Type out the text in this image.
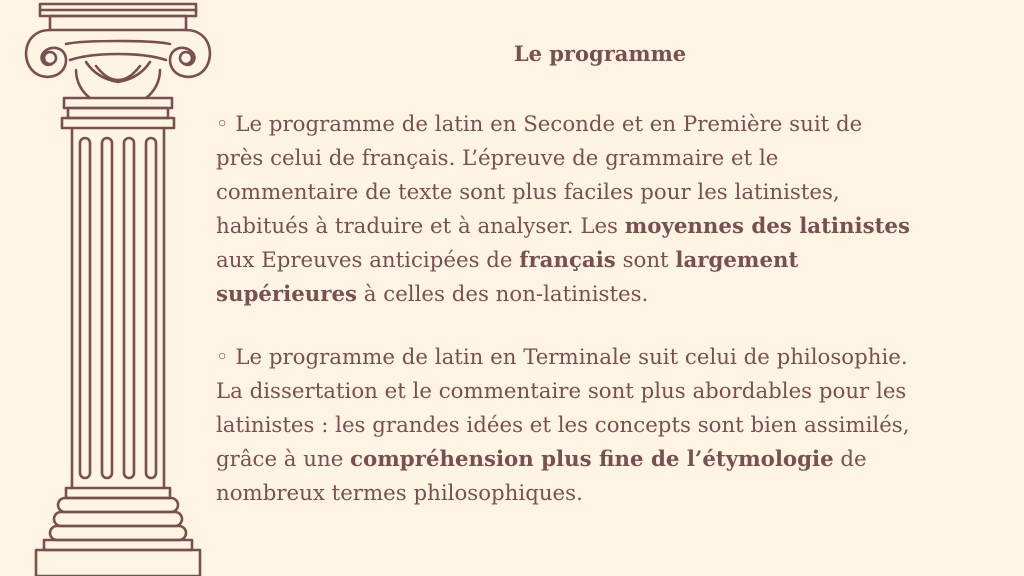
Le programme
◦ Le programme de latin en Seconde et en Première suit de
près celui de français. L’épreuve de grammaire et le
commentaire de texte sont plus faciles pour les latinistes,
habitués à traduire et à analyser. Les moyennes des latinistes
aux Epreuves anticipées de français sont largement
supérieures à celles des non-latinistes.
◦ Le programme de latin en Terminale suit celui de philosophie.
La dissertation et le commentaire sont plus abordables pour les
latinistes : les grandes idées et les concepts sont bien assimilés,
grâce à une compréhension plus fine de l’étymologie de
nombreux termes philosophiques.
